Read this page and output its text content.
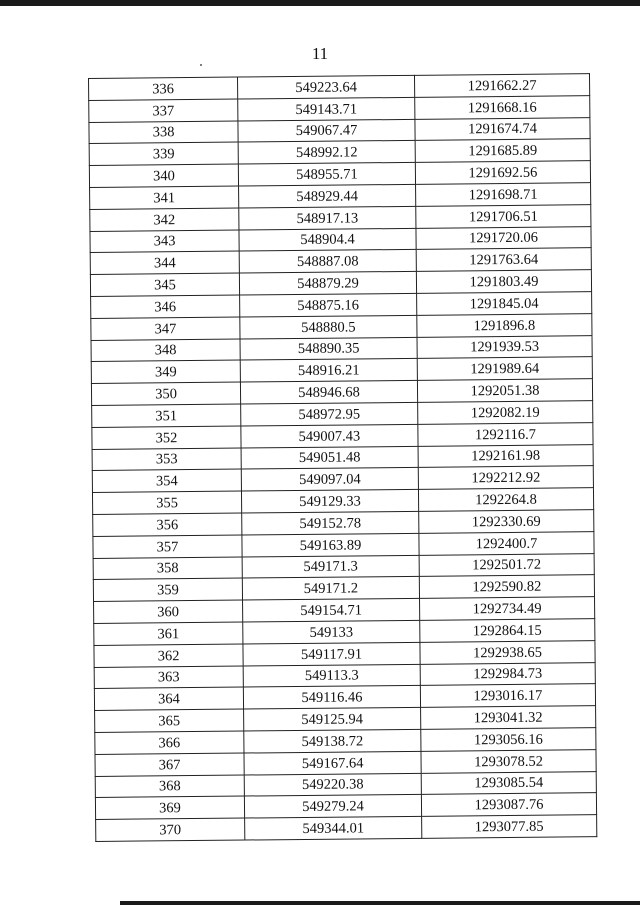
11
336	549223.64	1291662.27
337	549143.71	1291668.16
338	549067.47	1291674.74
339	548992.12	1291685.89
340	548955.71	1291692.56
341	548929.44	1291698.71
342	548917.13	1291706.51
343	548904.4	1291720.06
344	548887.08	1291763.64
345	548879.29	1291803.49
346	548875.16	1291845.04
347	548880.5	1291896.8
348	548890.35	1291939.53
349	548916.21	1291989.64
350	548946.68	1292051.38
351	548972.95	1292082.19
352	549007.43	1292116.7
353	549051.48	1292161.98
354	549097.04	1292212.92
355	549129.33	1292264.8
356	549152.78	1292330.69
357	549163.89	1292400.7
358	549171.3	1292501.72
359	549171.2	1292590.82
360	549154.71	1292734.49
361	549133	1292864.15
362	549117.91	1292938.65
363	549113.3	1292984.73
364	549116.46	1293016.17
365	549125.94	1293041.32
366	549138.72	1293056.16
367	549167.64	1293078.52
368	549220.38	1293085.54
369	549279.24	1293087.76
370	549344.01	1293077.85
